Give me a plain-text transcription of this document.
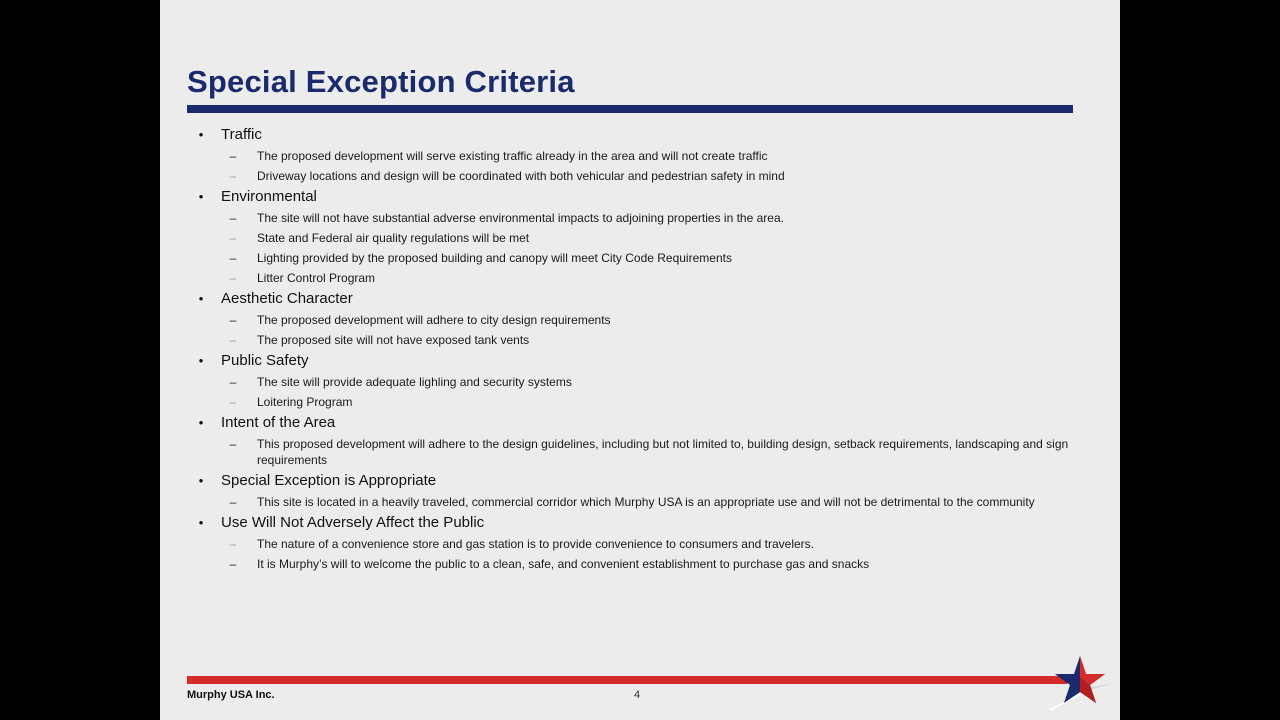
Special Exception Criteria
• Traffic
– The proposed development will serve existing traffic already in the area and will not create traffic
– Driveway locations and design will be coordinated with both vehicular and pedestrian safety in mind
• Environmental
– The site will not have substantial adverse environmental impacts to adjoining properties in the area.
– State and Federal air quality regulations will be met
– Lighting provided by the proposed building and canopy will meet City Code Requirements
– Litter Control Program
• Aesthetic Character
– The proposed development will adhere to city design requirements
– The proposed site will not have exposed tank vents
• Public Safety
– The site will provide adequate lighling and security systems
– Loitering Program
• Intent of the Area
– This proposed development will adhere to the design guidelines, including but not limited to, building design, setback requirements, landscaping and sign requirements
• Special Exception is Appropriate
– This site is located in a heavily traveled, commercial corridor which Murphy USA is an appropriate use and will not be detrimental to the community
• Use Will Not Adversely Affect the Public
– The nature of a convenience store and gas station is to provide convenience to consumers and travelers.
– It is Murphy’s will to welcome the public to a clean, safe, and convenient establishment to purchase gas and snacks
Murphy USA Inc.	4
